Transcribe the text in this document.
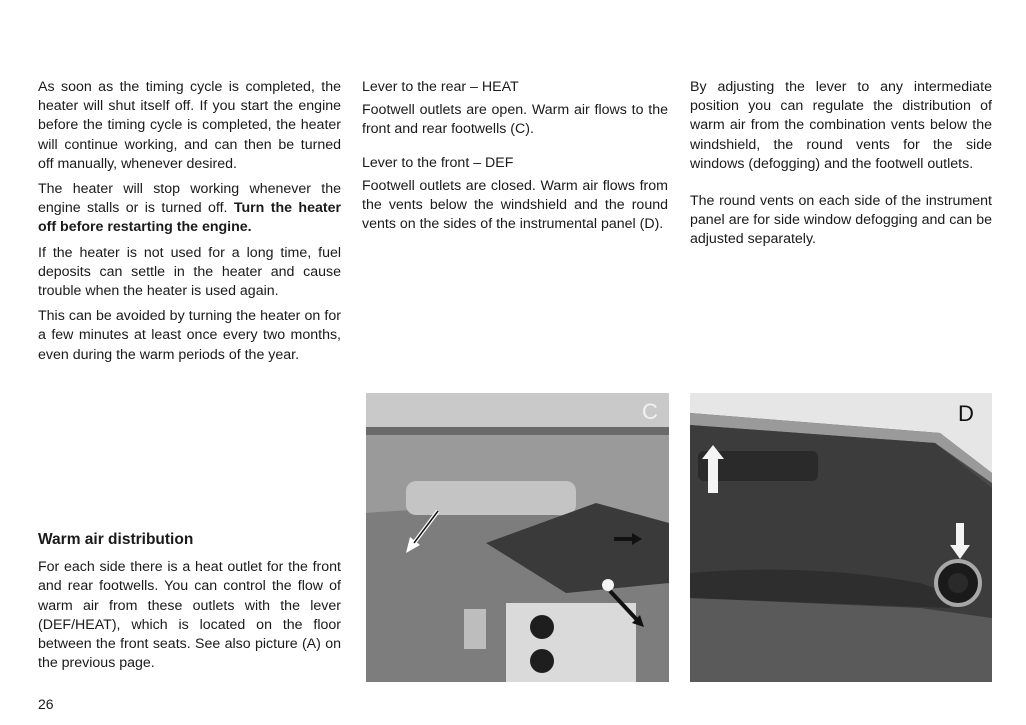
As soon as the timing cycle is completed, the heater will shut itself off. If you start the engine before the timing cycle is completed, the heater will continue working, and can then be turned off manually, whenever desired.

The heater will stop working whenever the engine stalls or is turned off. Turn the heater off before restarting the engine.

If the heater is not used for a long time, fuel deposits can settle in the heater and cause trouble when the heater is used again.

This can be avoided by turning the heater on for a few minutes at least once every two months, even during the warm periods of the year.

Warm air distribution

For each side there is a heat outlet for the front and rear footwells. You can control the flow of warm air from these outlets with the lever (DEF/HEAT), which is located on the floor between the front seats. See also picture (A) on the previous page.

26

Lever to the rear – HEAT

Footwell outlets are open. Warm air flows to the front and rear footwells (C).

Lever to the front – DEF

Footwell outlets are closed. Warm air flows from the vents below the windshield and the round vents on the sides of the instrumental panel (D).

By adjusting the lever to any intermediate position you can regulate the distribution of warm air from the combination vents below the windshield, the round vents for the side windows (defogging) and the footwell outlets.

The round vents on each side of the instrument panel are for side window defogging and can be adjusted separately.

C	D
